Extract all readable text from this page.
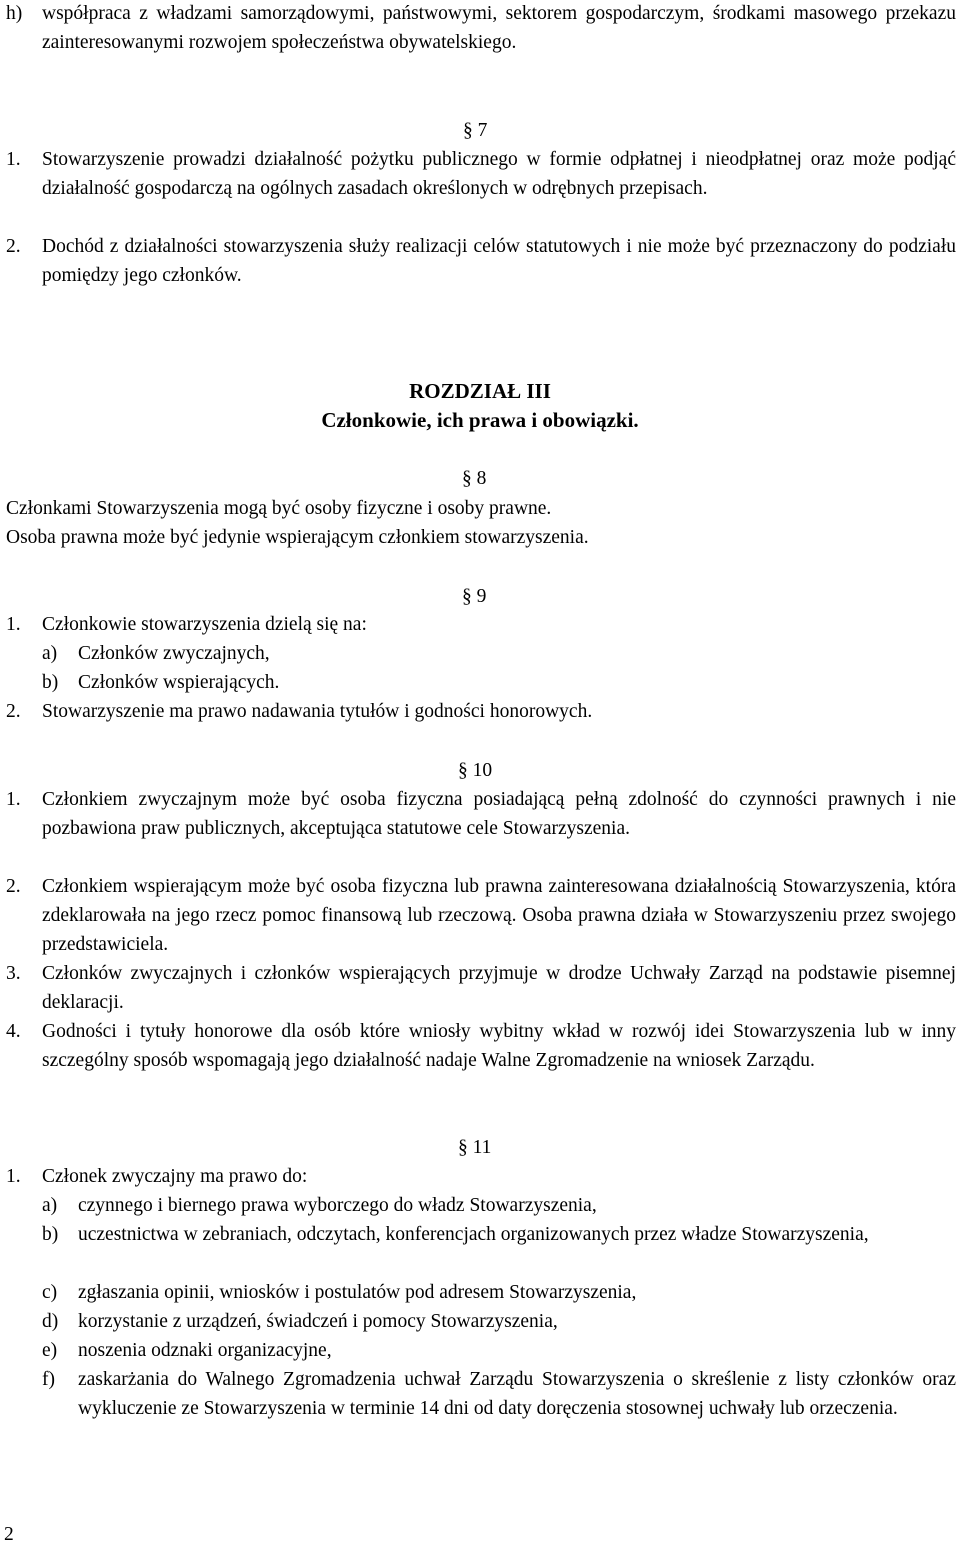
h)	współpraca z władzami samorządowymi, państwowymi, sektorem gospodarczym, środkami masowego przekazu zainteresowanymi rozwojem społeczeństwa obywatelskiego.
§ 7
1.	Stowarzyszenie prowadzi działalność pożytku publicznego w formie odpłatnej i nieodpłatnej oraz może podjąć działalność gospodarczą na ogólnych zasadach określonych w odrębnych przepisach.
2.	Dochód z działalności stowarzyszenia służy realizacji celów statutowych i nie może być przeznaczony do podziału pomiędzy jego członków.
ROZDZIAŁ III
Członkowie, ich prawa i obowiązki.
§ 8
Członkami Stowarzyszenia mogą być osoby fizyczne i osoby prawne.
Osoba prawna może być jedynie wspierającym członkiem stowarzyszenia.
§ 9
1.	Członkowie stowarzyszenia dzielą się na:
a)	Członków zwyczajnych,
b)	Członków wspierających.
2.	Stowarzyszenie ma prawo nadawania tytułów i godności honorowych.
§ 10
1.	Członkiem zwyczajnym może być osoba fizyczna posiadającą pełną zdolność do czynności prawnych i nie pozbawiona praw publicznych, akceptująca statutowe cele Stowarzyszenia.
2.	Członkiem wspierającym może być osoba fizyczna lub prawna zainteresowana działalnością Stowarzyszenia, która zdeklarowała na jego rzecz pomoc finansową lub rzeczową. Osoba prawna działa w Stowarzyszeniu przez swojego przedstawiciela.
3.	Członków zwyczajnych i członków wspierających przyjmuje w drodze Uchwały Zarząd na podstawie pisemnej deklaracji.
4.	Godności i tytuły honorowe dla osób które wniosły wybitny wkład w rozwój idei Stowarzyszenia lub w inny szczególny sposób wspomagają jego działalność nadaje Walne Zgromadzenie na wniosek Zarządu.
§ 11
1.	Członek zwyczajny ma prawo do:
a)	czynnego i biernego prawa wyborczego do władz Stowarzyszenia,
b)	uczestnictwa w zebraniach, odczytach, konferencjach organizowanych przez władze Stowarzyszenia,
c)	zgłaszania opinii, wniosków i postulatów pod adresem Stowarzyszenia,
d)	korzystanie z urządzeń, świadczeń i pomocy Stowarzyszenia,
e)	noszenia odznaki organizacyjne,
f)	zaskarżania do Walnego Zgromadzenia uchwał Zarządu Stowarzyszenia o skreślenie z listy członków oraz wykluczenie ze Stowarzyszenia w terminie 14 dni od daty doręczenia stosownej uchwały lub orzeczenia.
2
